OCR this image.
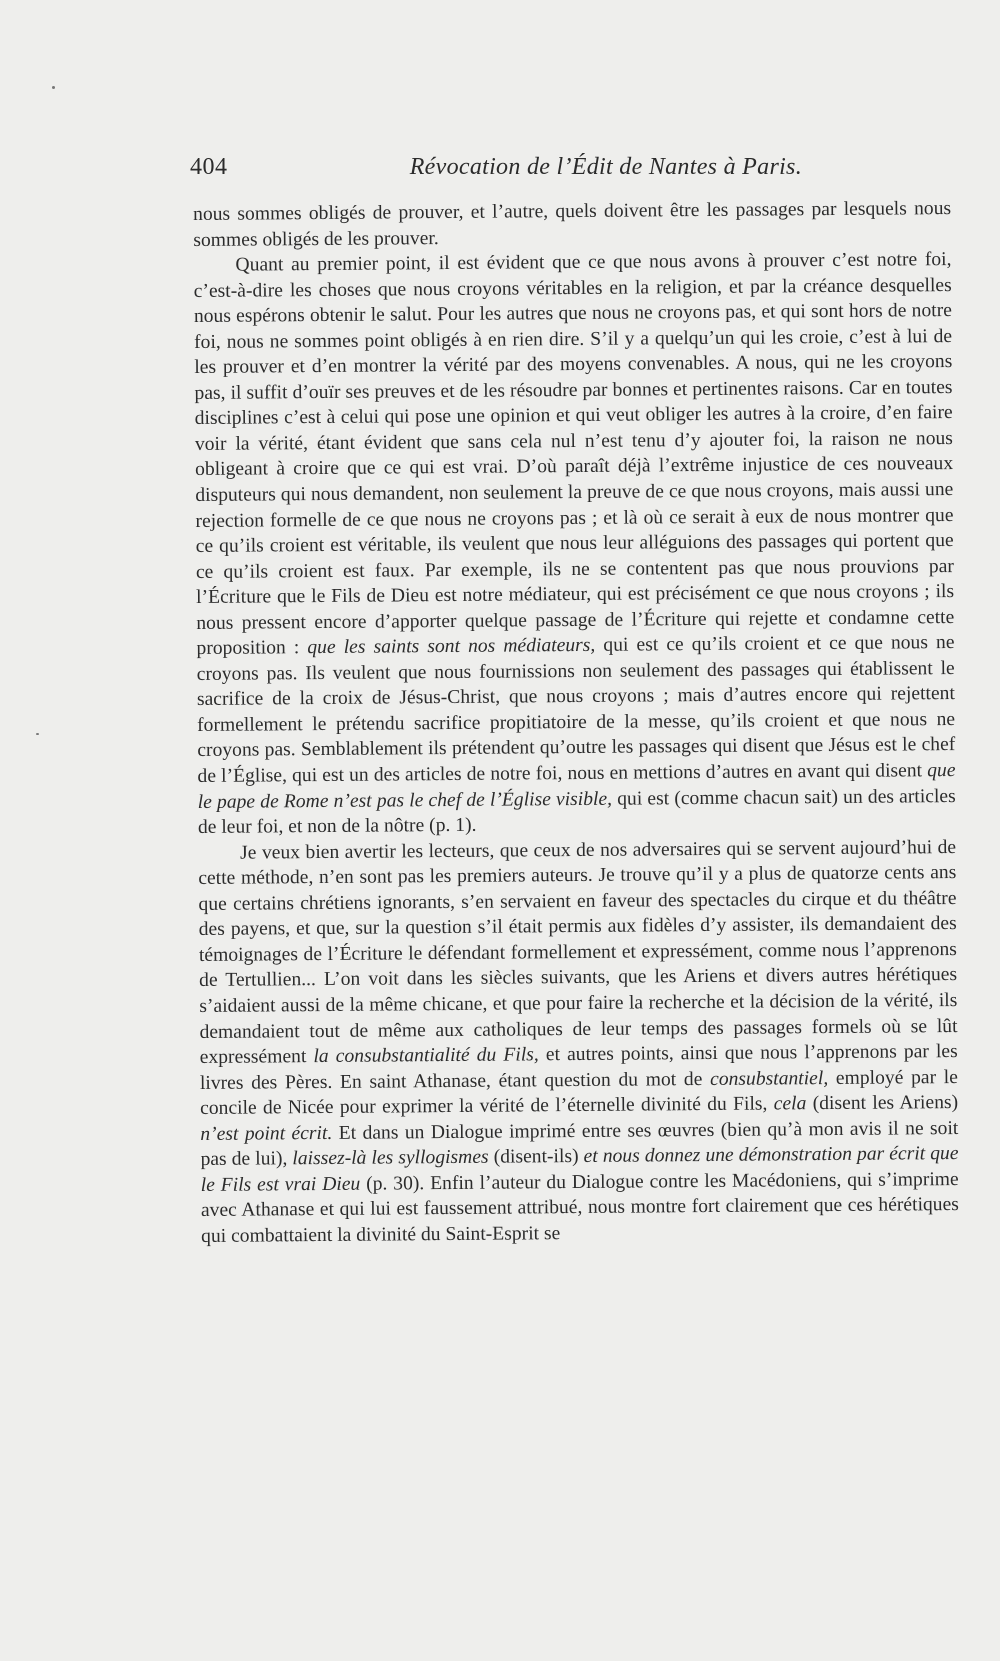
404	Révocation de l’Édit de Nantes à Paris.

nous sommes obligés de prouver, et l’autre, quels doivent être les passages par lesquels nous sommes obligés de les prouver.

Quant au premier point, il est évident que ce que nous avons à prouver c’est notre foi, c’est-à-dire les choses que nous croyons véritables en la religion, et par la créance desquelles nous espérons obtenir le salut. Pour les autres que nous ne croyons pas, et qui sont hors de notre foi, nous ne sommes point obligés à en rien dire. S’il y a quelqu’un qui les croie, c’est à lui de les prouver et d’en montrer la vérité par des moyens convenables. A nous, qui ne les croyons pas, il suffit d’ouïr ses preuves et de les résoudre par bonnes et pertinentes raisons. Car en toutes disciplines c’est à celui qui pose une opinion et qui veut obliger les autres à la croire, d’en faire voir la vérité, étant évident que sans cela nul n’est tenu d’y ajouter foi, la raison ne nous obligeant à croire que ce qui est vrai. D’où paraît déjà l’extrême injustice de ces nouveaux disputeurs qui nous demandent, non seulement la preuve de ce que nous croyons, mais aussi une rejection formelle de ce que nous ne croyons pas ; et là où ce serait à eux de nous montrer que ce qu’ils croient est véritable, ils veulent que nous leur alléguions des passages qui portent que ce qu’ils croient est faux. Par exemple, ils ne se contentent pas que nous prouvions par l’Écriture que le Fils de Dieu est notre médiateur, qui est précisément ce que nous croyons ; ils nous pressent encore d’apporter quelque passage de l’Écriture qui rejette et condamne cette proposition : que les saints sont nos médiateurs, qui est ce qu’ils croient et ce que nous ne croyons pas. Ils veulent que nous fournissions non seulement des passages qui établissent le sacrifice de la croix de Jésus-Christ, que nous croyons ; mais d’autres encore qui rejettent formellement le prétendu sacrifice propitiatoire de la messe, qu’ils croient et que nous ne croyons pas. Semblablement ils prétendent qu’outre les passages qui disent que Jésus est le chef de l’Église, qui est un des articles de notre foi, nous en mettions d’autres en avant qui disent que le pape de Rome n’est pas le chef de l’Église visible, qui est (comme chacun sait) un des articles de leur foi, et non de la nôtre (p. 1).

Je veux bien avertir les lecteurs, que ceux de nos adversaires qui se servent aujourd’hui de cette méthode, n’en sont pas les premiers auteurs. Je trouve qu’il y a plus de quatorze cents ans que certains chrétiens ignorants, s’en servaient en faveur des spectacles du cirque et du théâtre des payens, et que, sur la question s’il était permis aux fidèles d’y assister, ils demandaient des témoignages de l’Écriture le défendant formellement et expressément, comme nous l’apprenons de Tertullien... L’on voit dans les siècles suivants, que les Ariens et divers autres hérétiques s’aidaient aussi de la même chicane, et que pour faire la recherche et la décision de la vérité, ils demandaient tout de même aux catholiques de leur temps des passages formels où se lût expressément la consubstantialité du Fils, et autres points, ainsi que nous l’apprenons par les livres des Pères. En saint Athanase, étant question du mot de consubstantiel, employé par le concile de Nicée pour exprimer la vérité de l’éternelle divinité du Fils, cela (disent les Ariens) n’est point écrit. Et dans un Dialogue imprimé entre ses œuvres (bien qu’à mon avis il ne soit pas de lui), laissez-là les syllogismes (disent-ils) et nous donnez une démonstration par écrit que le Fils est vrai Dieu (p. 30). Enfin l’auteur du Dialogue contre les Macédoniens, qui s’imprime avec Athanase et qui lui est faussement attribué, nous montre fort clairement que ces hérétiques qui combattaient la divinité du Saint-Esprit se
